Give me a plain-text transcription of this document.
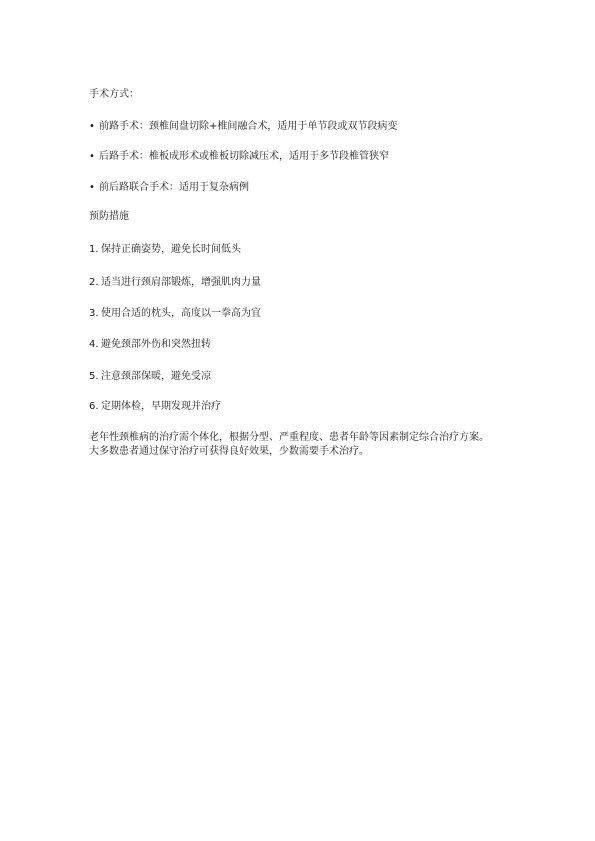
手术方式：
• 前路手术：颈椎间盘切除+椎间融合术，适用于单节段或双节段病变
• 后路手术：椎板成形术或椎板切除减压术，适用于多节段椎管狭窄
• 前后路联合手术：适用于复杂病例
预防措施
1. 保持正确姿势，避免长时间低头
2. 适当进行颈肩部锻炼，增强肌肉力量
3. 使用合适的枕头，高度以一拳高为宜
4. 避免颈部外伤和突然扭转
5. 注意颈部保暖，避免受凉
6. 定期体检，早期发现并治疗
老年性颈椎病的治疗需个体化，根据分型、严重程度、患者年龄等因素制定综合治疗方案。
大多数患者通过保守治疗可获得良好效果，少数需要手术治疗。
